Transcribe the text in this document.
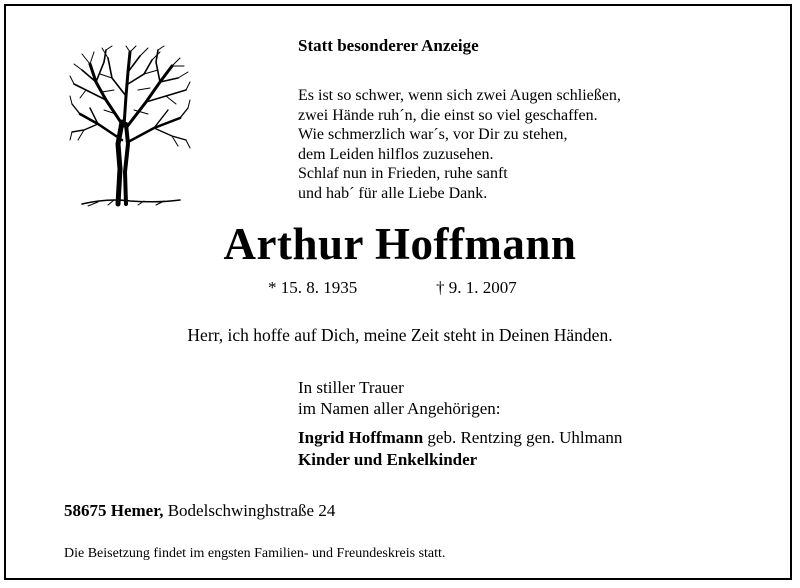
Statt besonderer Anzeige
Es ist so schwer, wenn sich zwei Augen schließen,
zwei Hände ruh´n, die einst so viel geschaffen.
Wie schmerzlich war´s, vor Dir zu stehen,
dem Leiden hilflos zuzusehen.
Schlaf nun in Frieden, ruhe sanft
und hab´ für alle Liebe Dank.
Arthur Hoffmann
* 15. 8. 1935	† 9. 1. 2007
Herr, ich hoffe auf Dich, meine Zeit steht in Deinen Händen.
In stiller Trauer
im Namen aller Angehörigen:
Ingrid Hoffmann geb. Rentzing gen. Uhlmann
Kinder und Enkelkinder
58675 Hemer, Bodelschwinghstraße 24
Die Beisetzung findet im engsten Familien- und Freundeskreis statt.
